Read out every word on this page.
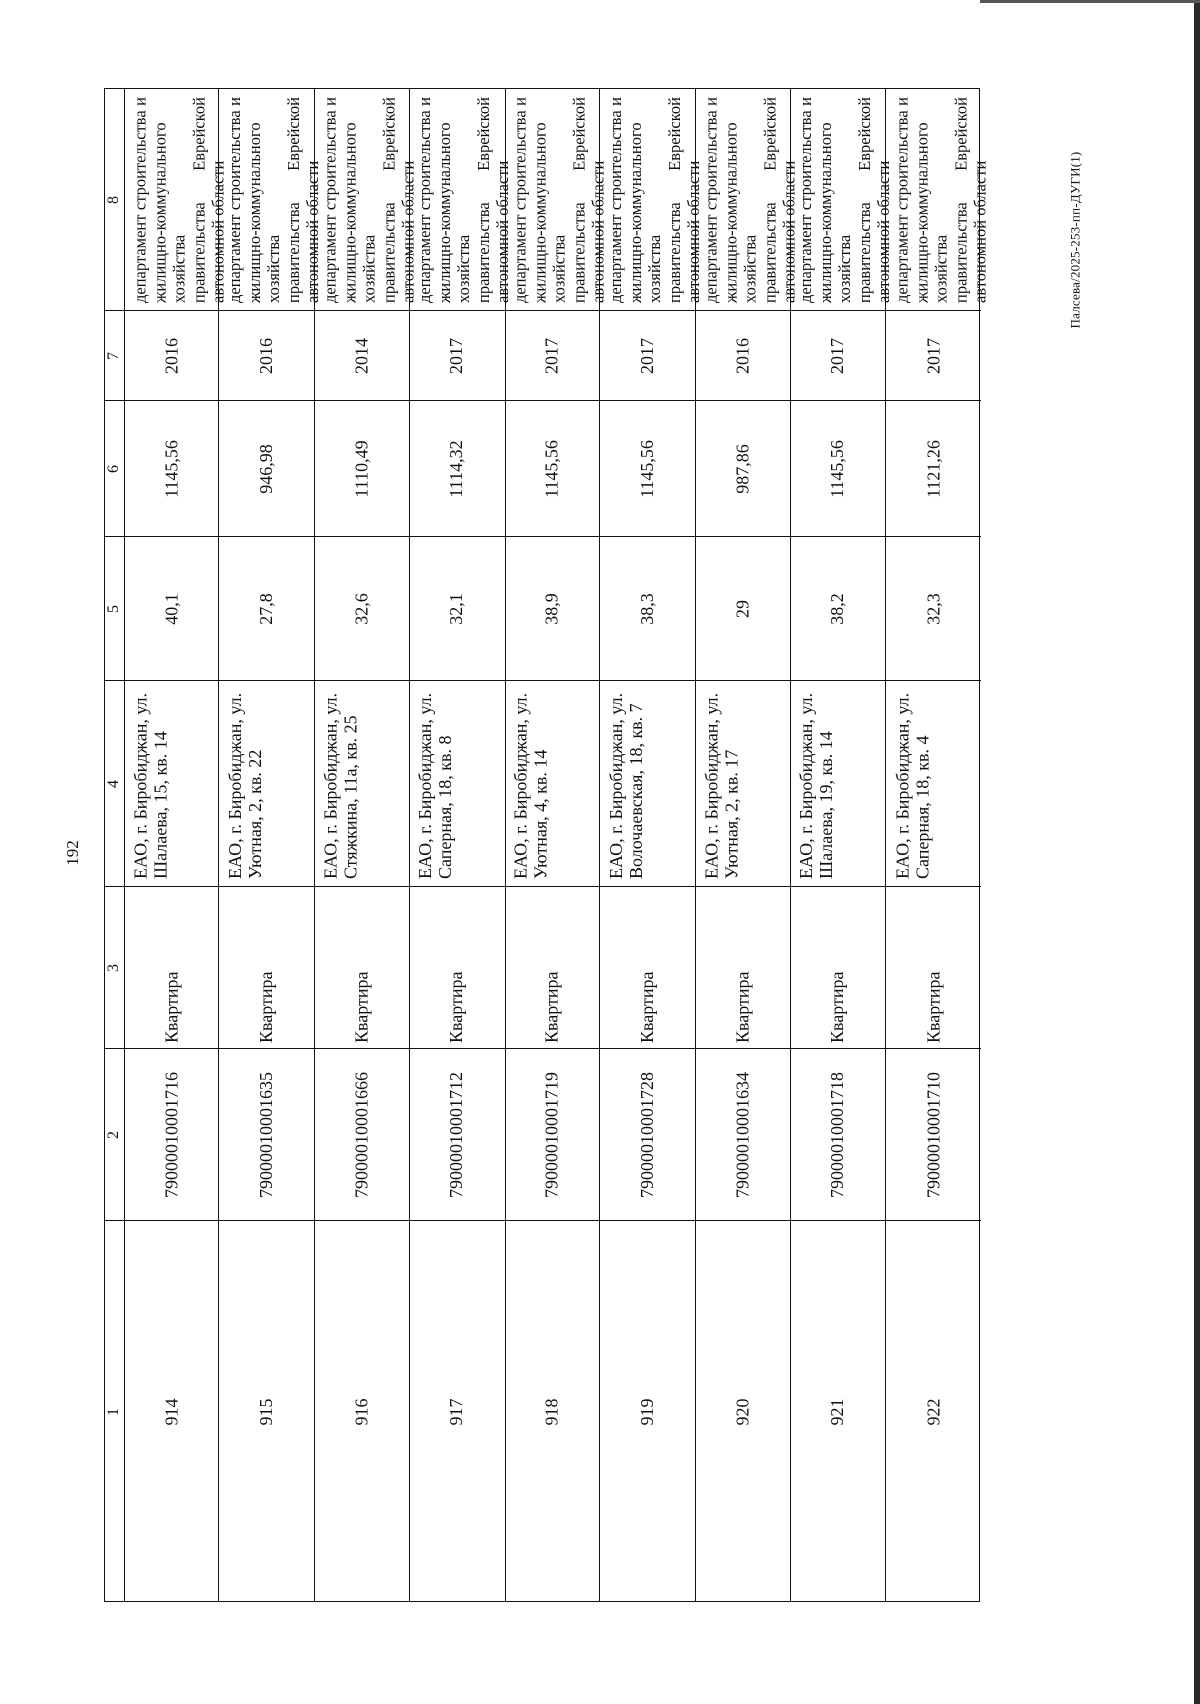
192
Палсева/2025-253-пп-ДУГИ(1)
8
7
6
5
4
3
2
1
департамент
строительства
и
жилищно-коммунального хозяйства правительства
Еврейской
автономной области
2016
1145,56
40,1
ЕАО, г. Биробиджан, ул. Шалаева, 15, кв. 14
Квартира
79000010001716
914
департамент
строительства
и
жилищно-коммунального хозяйства правительства
Еврейской
автономной области
2016
946,98
27,8
ЕАО, г. Биробиджан, ул. Уютная, 2, кв. 22
Квартира
79000010001635
915
департамент
строительства
и
жилищно-коммунального хозяйства правительства
Еврейской
автономной области
2014
1110,49
32,6
ЕАО, г. Биробиджан, ул. Стяжкина, 11а, кв. 25
Квартира
79000010001666
916
департамент
строительства
и
жилищно-коммунального хозяйства правительства
Еврейской
автономной области
2017
1114,32
32,1
ЕАО, г. Биробиджан, ул. Саперная, 18, кв. 8
Квартира
79000010001712
917
департамент
строительства
и
жилищно-коммунального хозяйства правительства
Еврейской
автономной области
2017
1145,56
38,9
ЕАО, г. Биробиджан, ул. Уютная, 4, кв. 14
Квартира
79000010001719
918
департамент
строительства
и
жилищно-коммунального хозяйства правительства
Еврейской
автономной области
2017
1145,56
38,3
ЕАО, г. Биробиджан, ул. Волочаевская, 18, кв. 7
Квартира
79000010001728
919
департамент
строительства
и
жилищно-коммунального хозяйства правительства
Еврейской
автономной области
2016
987,86
29
ЕАО, г. Биробиджан, ул. Уютная, 2, кв. 17
Квартира
79000010001634
920
департамент
строительства
и
жилищно-коммунального хозяйства правительства
Еврейской
автономной области
2017
1145,56
38,2
ЕАО, г. Биробиджан, ул. Шалаева, 19, кв. 14
Квартира
79000010001718
921
департамент
строительства
и
жилищно-коммунального хозяйства правительства
Еврейской
автономной области
2017
1121,26
32,3
ЕАО, г. Биробиджан, ул. Саперная, 18, кв. 4
Квартира
79000010001710
922
